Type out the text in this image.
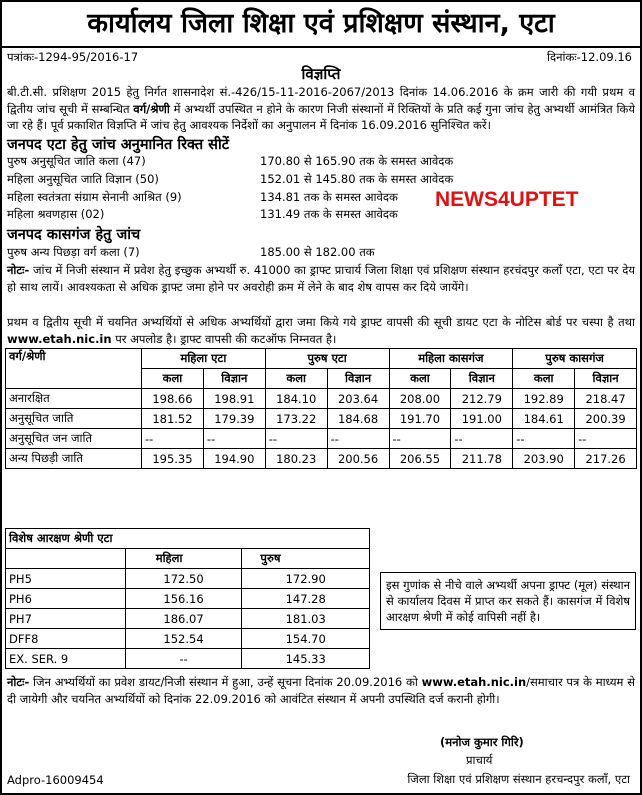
कार्यालय जिला शिक्षा एवं प्रशिक्षण संस्थान, एटा
पत्रांकः-1294-95/2016-17	दिनांकः-12.09.16
विज्ञप्ति
बी.टी.सी. प्रशिक्षण 2015 हेतु निर्गत शासनादेश सं.-426/15-11-2016-2067/2013 दिनांक 14.06.2016 के क्रम जारी की गयी प्रथम व द्वितीय जांच सूची में सम्बन्धित वर्ग/श्रेणी में अभ्यर्थी उपस्थित न होने के कारण निजी संस्थानों में रिक्तियों के प्रति कई गुना जांच हेतु अभ्यर्थी आमंत्रित किये जा रहे हैं। पूर्व प्रकाशित विज्ञप्ति में जांच हेतु आवश्यक निर्देशों का अनुपालन में दिनांक 16.09.2016 सुनिश्चित करें।
जनपद एटा हेतु जांच अनुमानित रिक्त सीटें
पुरुष अनुसूचित जाति कला (47)	170.80 से 165.90 तक के समस्त आवेदक
महिला अनुसूचित जाति विज्ञान (50)	152.01 से 145.80 तक के समस्त आवेदक
महिला स्वतंत्रता संग्राम सेनानी आश्रित (9)	134.81 तक के समस्त आवेदक
महिला श्रवणहास (02)	131.49 तक के समस्त आवेदक
NEWS4UPTET
जनपद कासगंज हेतु जांच
पुरुष अन्य पिछड़ा वर्ग कला (7)	185.00 से 182.00 तक
नोटः- जांच में निजी संस्थान में प्रवेश हेतु इच्छुक अभ्यर्थी रु. 41000 का ड्राफ्ट प्राचार्य जिला शिक्षा एवं प्रशिक्षण संस्थान हरचंदपुर कलाँ एटा, एटा पर देय हो साथ लायें। आवश्यकता से अधिक ड्राफ्ट जमा होने पर अवरोही क्रम में लेने के बाद शेष वापस कर दिये जायेंगे।
प्रथम व द्वितीय सूची में चयनित अभ्यर्थियों से अधिक अभ्यर्थियों द्वारा जमा किये गये ड्राफ्ट वापसी की सूची डायट एटा के नोटिस बोर्ड पर चस्पा है तथा www.etah.nic.in पर अपलोड है। ड्राफ्ट वापसी की कटऑफ निम्नवत है।
वर्ग/श्रेणी	महिला एटा		पुरुष एटा		महिला कासगंज		पुरुष कासगंज	
	कला	विज्ञान	कला	विज्ञान	कला	विज्ञान	कला	विज्ञान
अनारक्षित	198.66	198.91	184.10	203.64	208.00	212.79	192.89	218.47
अनुसूचित जाति	181.52	179.39	173.22	184.68	191.70	191.00	184.61	200.39
अनुसूचित जन जाति	--	--	--	--	--	--	--	--
अन्य पिछड़ी जाति	195.35	194.90	180.23	200.56	206.55	211.78	203.90	217.26
विशेष आरक्षण श्रेणी एटा		
	महिला	पुरुष
PH5	172.50	172.90
PH6	156.16	147.28
PH7	186.07	181.03
DFF8	152.54	154.70
EX. SER. 9	--	145.33
इस गुणांक से नीचे वाले अभ्यर्थी अपना ड्राफ्ट (मूल) संस्थान से कार्यालय दिवस में प्राप्त कर सकते हैं। कासगंज में विशेष आरक्षण श्रेणी में कोई वापिसी नहीं है।
नोटः- जिन अभ्यर्थियों का प्रवेश डायट/निजी संस्थान में हुआ, उन्हें सूचना दिनांक 20.09.2016 को www.etah.nic.in/समाचार पत्र के माध्यम से दी जायेगी और चयनित अभ्यर्थियों को दिनांक 22.09.2016 को आवंटित संस्थान में अपनी उपस्थिति दर्ज करानी होगी।
(मनोज कुमार गिरि)
प्राचार्य
Adpro-16009454	जिला शिक्षा एवं प्रशिक्षण संस्थान हरचन्दपुर कलाँ, एटा
